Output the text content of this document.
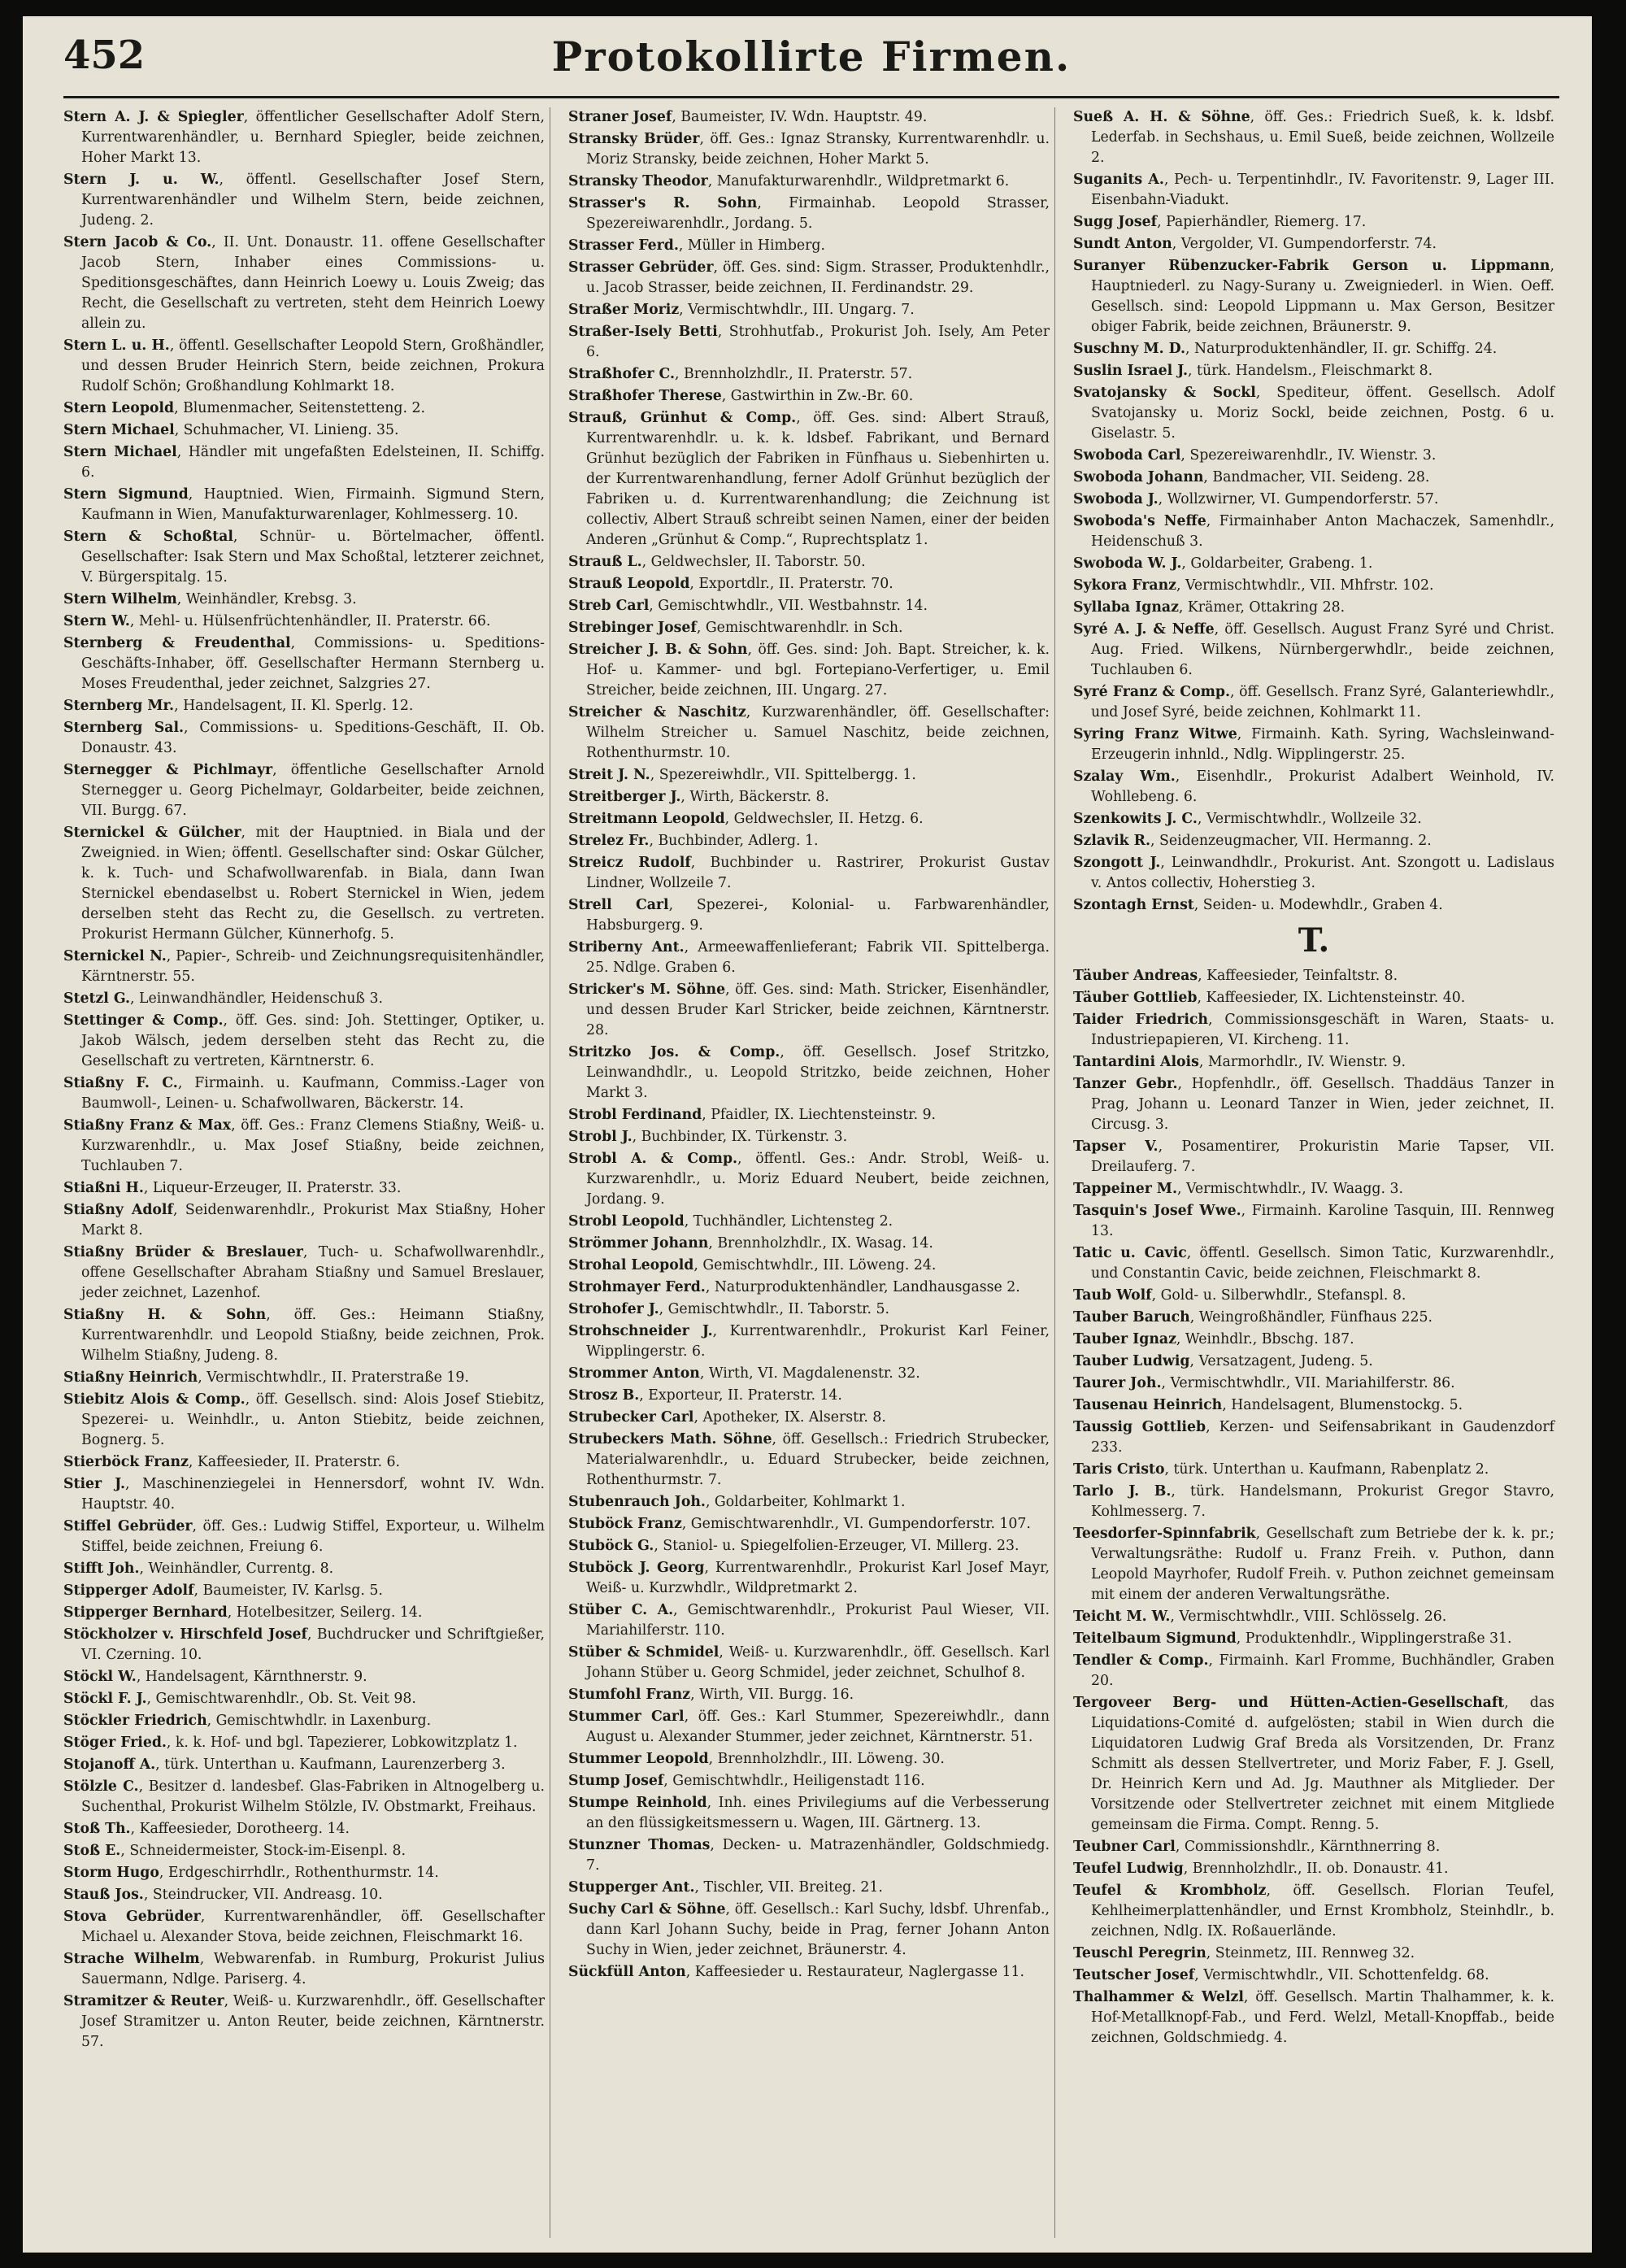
452	Protokollirte Firmen.

Stern A. J. & Spiegler, öffentlicher Gesellschafter Adolf Stern, Kurrentwarenhändler, u. Bernhard Spiegler, beide zeichnen, Hoher Markt 13.

Stern J. u. W., öffentl. Gesellschafter Josef Stern, Kurrentwarenhändler und Wilhelm Stern, beide zeichnen, Judeng. 2.

Stern Jacob & Co., II. Unt. Donaustr. 11. offene Gesellschafter Jacob Stern, Inhaber eines Commissions- u. Speditionsgeschäftes, dann Heinrich Loewy u. Louis Zweig; das Recht, die Gesellschaft zu vertreten, steht dem Heinrich Loewy allein zu.

Stern L. u. H., öffentl. Gesellschafter Leopold Stern, Großhändler, und dessen Bruder Heinrich Stern, beide zeichnen, Prokura Rudolf Schön; Großhandlung Kohlmarkt 18.

Stern Leopold, Blumenmacher, Seitenstetteng. 2.

Stern Michael, Schuhmacher, VI. Linieng. 35.

Stern Michael, Händler mit ungefaßten Edelsteinen, II. Schiffg. 6.

Stern Sigmund, Hauptnied. Wien, Firmainh. Sigmund Stern, Kaufmann in Wien, Manufakturwarenlager, Kohlmesserg. 10.

Stern & Schoßtal, Schnür- u. Börtelmacher, öffentl. Gesellschafter: Isak Stern und Max Schoßtal, letzterer zeichnet, V. Bürgerspitalg. 15.

Stern Wilhelm, Weinhändler, Krebsg. 3.

Stern W., Mehl- u. Hülsenfrüchtenhändler, II. Praterstr. 66.

Sternberg & Freudenthal, Commissions- u. Speditions-Geschäfts-Inhaber, öff. Gesellschafter Hermann Sternberg u. Moses Freudenthal, jeder zeichnet, Salzgries 27.

Sternberg Mr., Handelsagent, II. Kl. Sperlg. 12.

Sternberg Sal., Commissions- u. Speditions-Geschäft, II. Ob. Donaustr. 43.

Sternegger & Pichlmayr, öffentliche Gesellschafter Arnold Sternegger u. Georg Pichelmayr, Goldarbeiter, beide zeichnen, VII. Burgg. 67.

Sternickel & Gülcher, mit der Hauptnied. in Biala und der Zweignied. in Wien; öffentl. Gesellschafter sind: Oskar Gülcher, k. k. Tuch- und Schafwollwarenfab. in Biala, dann Iwan Sternickel ebendaselbst u. Robert Sternickel in Wien, jedem derselben steht das Recht zu, die Gesellsch. zu vertreten. Prokurist Hermann Gülcher, Künnerhofg. 5.

Sternickel N., Papier-, Schreib- und Zeichnungsrequisitenhändler, Kärntnerstr. 55.

Stetzl G., Leinwandhändler, Heidenschuß 3.

Stettinger & Comp., öff. Ges. sind: Joh. Stettinger, Optiker, u. Jakob Wälsch, jedem derselben steht das Recht zu, die Gesellschaft zu vertreten, Kärntnerstr. 6.

Stiaßny F. C., Firmainh. u. Kaufmann, Commiss.-Lager von Baumwoll-, Leinen- u. Schafwollwaren, Bäckerstr. 14.

Stiaßny Franz & Max, öff. Ges.: Franz Clemens Stiaßny, Weiß- u. Kurzwarenhdlr., u. Max Josef Stiaßny, beide zeichnen, Tuchlauben 7.

Stiaßni H., Liqueur-Erzeuger, II. Praterstr. 33.

Stiaßny Adolf, Seidenwarenhdlr., Prokurist Max Stiaßny, Hoher Markt 8.

Stiaßny Brüder & Breslauer, Tuch- u. Schafwollwarenhdlr., offene Gesellschafter Abraham Stiaßny und Samuel Breslauer, jeder zeichnet, Lazenhof.

Stiaßny H. & Sohn, öff. Ges.: Heimann Stiaßny, Kurrentwarenhdlr. und Leopold Stiaßny, beide zeichnen, Prok. Wilhelm Stiaßny, Judeng. 8.

Stiaßny Heinrich, Vermischtwhdlr., II. Praterstraße 19.

Stiebitz Alois & Comp., öff. Gesellsch. sind: Alois Josef Stiebitz, Spezerei- u. Weinhdlr., u. Anton Stiebitz, beide zeichnen, Bognerg. 5.

Stierböck Franz, Kaffeesieder, II. Praterstr. 6.

Stier J., Maschinenziegelei in Hennersdorf, wohnt IV. Wdn. Hauptstr. 40.

Stiffel Gebrüder, öff. Ges.: Ludwig Stiffel, Exporteur, u. Wilhelm Stiffel, beide zeichnen, Freiung 6.

Stifft Joh., Weinhändler, Currentg. 8.

Stipperger Adolf, Baumeister, IV. Karlsg. 5.

Stipperger Bernhard, Hotelbesitzer, Seilerg. 14.

Stöckholzer v. Hirschfeld Josef, Buchdrucker und Schriftgießer, VI. Czerning. 10.

Stöckl W., Handelsagent, Kärnthnerstr. 9.

Stöckl F. J., Gemischtwarenhdlr., Ob. St. Veit 98.

Stöckler Friedrich, Gemischtwhdlr. in Laxenburg.

Stöger Fried., k. k. Hof- und bgl. Tapezierer, Lobkowitzplatz 1.

Stojanoff A., türk. Unterthan u. Kaufmann, Laurenzerberg 3.

Stölzle C., Besitzer d. landesbef. Glas-Fabriken in Altnogelberg u. Suchenthal, Prokurist Wilhelm Stölzle, IV. Obstmarkt, Freihaus.

Stoß Th., Kaffeesieder, Dorotheerg. 14.

Stoß E., Schneidermeister, Stock-im-Eisenpl. 8.

Storm Hugo, Erdgeschirrhdlr., Rothenthurmstr. 14.

Stauß Jos., Steindrucker, VII. Andreasg. 10.

Stova Gebrüder, Kurrentwarenhändler, öff. Gesellschafter Michael u. Alexander Stova, beide zeichnen, Fleischmarkt 16.

Strache Wilhelm, Webwarenfab. in Rumburg, Prokurist Julius Sauermann, Ndlge. Pariserg. 4.

Stramitzer & Reuter, Weiß- u. Kurzwarenhdlr., öff. Gesellschafter Josef Stramitzer u. Anton Reuter, beide zeichnen, Kärntnerstr. 57.

Straner Josef, Baumeister, IV. Wdn. Hauptstr. 49.

Stransky Brüder, öff. Ges.: Ignaz Stransky, Kurrentwarenhdlr. u. Moriz Stransky, beide zeichnen, Hoher Markt 5.

Stransky Theodor, Manufakturwarenhdlr., Wildpretmarkt 6.

Strasser's R. Sohn, Firmainhab. Leopold Strasser, Spezereiwarenhdlr., Jordang. 5.

Strasser Ferd., Müller in Himberg.

Strasser Gebrüder, öff. Ges. sind: Sigm. Strasser, Produktenhdlr., u. Jacob Strasser, beide zeichnen, II. Ferdinandstr. 29.

Straßer Moriz, Vermischtwhdlr., III. Ungarg. 7.

Straßer-Isely Betti, Strohhutfab., Prokurist Joh. Isely, Am Peter 6.

Straßhofer C., Brennholzhdlr., II. Praterstr. 57.

Straßhofer Therese, Gastwirthin in Zw.-Br. 60.

Strauß, Grünhut & Comp., öff. Ges. sind: Albert Strauß, Kurrentwarenhdlr. u. k. k. ldsbef. Fabrikant, und Bernard Grünhut bezüglich der Fabriken in Fünfhaus u. Siebenhirten u. der Kurrentwarenhandlung, ferner Adolf Grünhut bezüglich der Fabriken u. d. Kurrentwarenhandlung; die Zeichnung ist collectiv, Albert Strauß schreibt seinen Namen, einer der beiden Anderen „Grünhut & Comp.“, Ruprechtsplatz 1.

Strauß L., Geldwechsler, II. Taborstr. 50.

Strauß Leopold, Exportdlr., II. Praterstr. 70.

Streb Carl, Gemischtwhdlr., VII. Westbahnstr. 14.

Strebinger Josef, Gemischtwarenhdlr. in Sch.

Streicher J. B. & Sohn, öff. Ges. sind: Joh. Bapt. Streicher, k. k. Hof- u. Kammer- und bgl. Fortepiano-Verfertiger, u. Emil Streicher, beide zeichnen, III. Ungarg. 27.

Streicher & Naschitz, Kurzwarenhändler, öff. Gesellschafter: Wilhelm Streicher u. Samuel Naschitz, beide zeichnen, Rothenthurmstr. 10.

Streit J. N., Spezereiwhdlr., VII. Spittelbergg. 1.

Streitberger J., Wirth, Bäckerstr. 8.

Streitmann Leopold, Geldwechsler, II. Hetzg. 6.

Strelez Fr., Buchbinder, Adlerg. 1.

Streicz Rudolf, Buchbinder u. Rastrirer, Prokurist Gustav Lindner, Wollzeile 7.

Strell Carl, Spezerei-, Kolonial- u. Farbwarenhändler, Habsburgerg. 9.

Striberny Ant., Armeewaffenlieferant; Fabrik VII. Spittelberga. 25. Ndlge. Graben 6.

Stricker's M. Söhne, öff. Ges. sind: Math. Stricker, Eisenhändler, und dessen Bruder Karl Stricker, beide zeichnen, Kärntnerstr. 28.

Stritzko Jos. & Comp., öff. Gesellsch. Josef Stritzko, Leinwandhdlr., u. Leopold Stritzko, beide zeichnen, Hoher Markt 3.

Strobl Ferdinand, Pfaidler, IX. Liechtensteinstr. 9.

Strobl J., Buchbinder, IX. Türkenstr. 3.

Strobl A. & Comp., öffentl. Ges.: Andr. Strobl, Weiß- u. Kurzwarenhdlr., u. Moriz Eduard Neubert, beide zeichnen, Jordang. 9.

Strobl Leopold, Tuchhändler, Lichtensteg 2.

Strömmer Johann, Brennholzhdlr., IX. Wasag. 14.

Strohal Leopold, Gemischtwhdlr., III. Löweng. 24.

Strohmayer Ferd., Naturproduktenhändler, Landhausgasse 2.

Strohofer J., Gemischtwhdlr., II. Taborstr. 5.

Strohschneider J., Kurrentwarenhdlr., Prokurist Karl Feiner, Wipplingerstr. 6.

Strommer Anton, Wirth, VI. Magdalenenstr. 32.

Strosz B., Exporteur, II. Praterstr. 14.

Strubecker Carl, Apotheker, IX. Alserstr. 8.

Strubeckers Math. Söhne, öff. Gesellsch.: Friedrich Strubecker, Materialwarenhdlr., u. Eduard Strubecker, beide zeichnen, Rothenthurmstr. 7.

Stubenrauch Joh., Goldarbeiter, Kohlmarkt 1.

Stuböck Franz, Gemischtwarenhdlr., VI. Gumpendorferstr. 107.

Stuböck G., Staniol- u. Spiegelfolien-Erzeuger, VI. Millerg. 23.

Stuböck J. Georg, Kurrentwarenhdlr., Prokurist Karl Josef Mayr, Weiß- u. Kurzwhdlr., Wildpretmarkt 2.

Stüber C. A., Gemischtwarenhdlr., Prokurist Paul Wieser, VII. Mariahilferstr. 110.

Stüber & Schmidel, Weiß- u. Kurzwarenhdlr., öff. Gesellsch. Karl Johann Stüber u. Georg Schmidel, jeder zeichnet, Schulhof 8.

Stumfohl Franz, Wirth, VII. Burgg. 16.

Stummer Carl, öff. Ges.: Karl Stummer, Spezereiwhdlr., dann August u. Alexander Stummer, jeder zeichnet, Kärntnerstr. 51.

Stummer Leopold, Brennholzhdlr., III. Löweng. 30.

Stump Josef, Gemischtwhdlr., Heiligenstadt 116.

Stumpe Reinhold, Inh. eines Privilegiums auf die Verbesserung an den flüssigkeitsmessern u. Wagen, III. Gärtnerg. 13.

Stunzner Thomas, Decken- u. Matrazenhändler, Goldschmiedg. 7.

Stupperger Ant., Tischler, VII. Breiteg. 21.

Suchy Carl & Söhne, öff. Gesellsch.: Karl Suchy, ldsbf. Uhrenfab., dann Karl Johann Suchy, beide in Prag, ferner Johann Anton Suchy in Wien, jeder zeichnet, Bräunerstr. 4.

Sückfüll Anton, Kaffeesieder u. Restaurateur, Naglergasse 11.

Sueß A. H. & Söhne, öff. Ges.: Friedrich Sueß, k. k. ldsbf. Lederfab. in Sechshaus, u. Emil Sueß, beide zeichnen, Wollzeile 2.

Suganits A., Pech- u. Terpentinhdlr., IV. Favoritenstr. 9, Lager III. Eisenbahn-Viadukt.

Sugg Josef, Papierhändler, Riemerg. 17.

Sundt Anton, Vergolder, VI. Gumpendorferstr. 74.

Suranyer Rübenzucker-Fabrik Gerson u. Lippmann, Hauptniederl. zu Nagy-Surany u. Zweigniederl. in Wien. Oeff. Gesellsch. sind: Leopold Lippmann u. Max Gerson, Besitzer obiger Fabrik, beide zeichnen, Bräunerstr. 9.

Suschny M. D., Naturproduktenhändler, II. gr. Schiffg. 24.

Suslin Israel J., türk. Handelsm., Fleischmarkt 8.

Svatojansky & Sockl, Spediteur, öffent. Gesellsch. Adolf Svatojansky u. Moriz Sockl, beide zeichnen, Postg. 6 u. Giselastr. 5.

Swoboda Carl, Spezereiwarenhdlr., IV. Wienstr. 3.

Swoboda Johann, Bandmacher, VII. Seideng. 28.

Swoboda J., Wollzwirner, VI. Gumpendorferstr. 57.

Swoboda's Neffe, Firmainhaber Anton Machaczek, Samenhdlr., Heidenschuß 3.

Swoboda W. J., Goldarbeiter, Grabeng. 1.

Sykora Franz, Vermischtwhdlr., VII. Mhfrstr. 102.

Syllaba Ignaz, Krämer, Ottakring 28.

Syré A. J. & Neffe, öff. Gesellsch. August Franz Syré und Christ. Aug. Fried. Wilkens, Nürnbergerwhdlr., beide zeichnen, Tuchlauben 6.

Syré Franz & Comp., öff. Gesellsch. Franz Syré, Galanteriewhdlr., und Josef Syré, beide zeichnen, Kohlmarkt 11.

Syring Franz Witwe, Firmainh. Kath. Syring, Wachsleinwand-Erzeugerin inhnld., Ndlg. Wipplingerstr. 25.

Szalay Wm., Eisenhdlr., Prokurist Adalbert Weinhold, IV. Wohllebeng. 6.

Szenkowits J. C., Vermischtwhdlr., Wollzeile 32.

Szlavik R., Seidenzeugmacher, VII. Hermanng. 2.

Szongott J., Leinwandhdlr., Prokurist. Ant. Szongott u. Ladislaus v. Antos collectiv, Hoherstieg 3.

Szontagh Ernst, Seiden- u. Modewhdlr., Graben 4.

T.

Täuber Andreas, Kaffeesieder, Teinfaltstr. 8.

Täuber Gottlieb, Kaffeesieder, IX. Lichtensteinstr. 40.

Taider Friedrich, Commissionsgeschäft in Waren, Staats- u. Industriepapieren, VI. Kircheng. 11.

Tantardini Alois, Marmorhdlr., IV. Wienstr. 9.

Tanzer Gebr., Hopfenhdlr., öff. Gesellsch. Thaddäus Tanzer in Prag, Johann u. Leonard Tanzer in Wien, jeder zeichnet, II. Circusg. 3.

Tapser V., Posamentirer, Prokuristin Marie Tapser, VII. Dreilauferg. 7.

Tappeiner M., Vermischtwhdlr., IV. Waagg. 3.

Tasquin's Josef Wwe., Firmainh. Karoline Tasquin, III. Rennweg 13.

Tatic u. Cavic, öffentl. Gesellsch. Simon Tatic, Kurzwarenhdlr., und Constantin Cavic, beide zeichnen, Fleischmarkt 8.

Taub Wolf, Gold- u. Silberwhdlr., Stefanspl. 8.

Tauber Baruch, Weingroßhändler, Fünfhaus 225.

Tauber Ignaz, Weinhdlr., Bbschg. 187.

Tauber Ludwig, Versatzagent, Judeng. 5.

Taurer Joh., Vermischtwhdlr., VII. Mariahilferstr. 86.

Tausenau Heinrich, Handelsagent, Blumenstockg. 5.

Taussig Gottlieb, Kerzen- und Seifensabrikant in Gaudenzdorf 233.

Taris Cristo, türk. Unterthan u. Kaufmann, Rabenplatz 2.

Tarlo J. B., türk. Handelsmann, Prokurist Gregor Stavro, Kohlmesserg. 7.

Teesdorfer-Spinnfabrik, Gesellschaft zum Betriebe der k. k. pr.; Verwaltungsräthe: Rudolf u. Franz Freih. v. Puthon, dann Leopold Mayrhofer, Rudolf Freih. v. Puthon zeichnet gemeinsam mit einem der anderen Verwaltungsräthe.

Teicht M. W., Vermischtwhdlr., VIII. Schlösselg. 26.

Teitelbaum Sigmund, Produktenhdlr., Wipplingerstraße 31.

Tendler & Comp., Firmainh. Karl Fromme, Buchhändler, Graben 20.

Tergoveer Berg- und Hütten-Actien-Gesellschaft, das Liquidations-Comité d. aufgelösten; stabil in Wien durch die Liquidatoren Ludwig Graf Breda als Vorsitzenden, Dr. Franz Schmitt als dessen Stellvertreter, und Moriz Faber, F. J. Gsell, Dr. Heinrich Kern und Ad. Jg. Mauthner als Mitglieder. Der Vorsitzende oder Stellvertreter zeichnet mit einem Mitgliede gemeinsam die Firma. Compt. Renng. 5.

Teubner Carl, Commissionshdlr., Kärnthnerring 8.

Teufel Ludwig, Brennholzhdlr., II. ob. Donaustr. 41.

Teufel & Krombholz, öff. Gesellsch. Florian Teufel, Kehlheimerplattenhändler, und Ernst Krombholz, Steinhdlr., b. zeichnen, Ndlg. IX. Roßauerlände.

Teuschl Peregrin, Steinmetz, III. Rennweg 32.

Teutscher Josef, Vermischtwhdlr., VII. Schottenfeldg. 68.

Thalhammer & Welzl, öff. Gesellsch. Martin Thalhammer, k. k. Hof-Metallknopf-Fab., und Ferd. Welzl, Metall-Knopffab., beide zeichnen, Goldschmiedg. 4.
